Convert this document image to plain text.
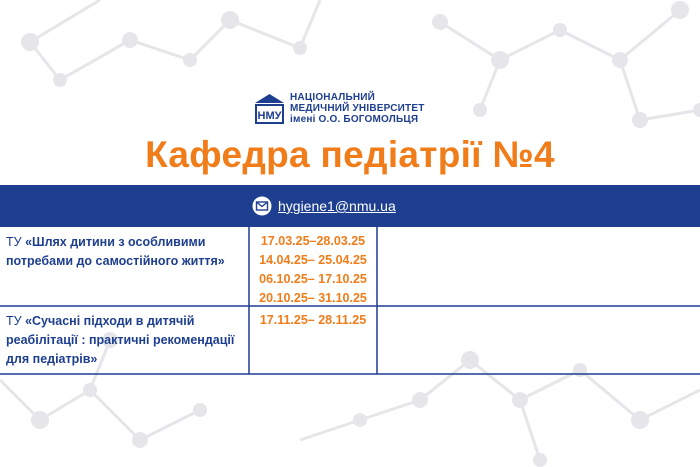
НМУ
НАЦІОНАЛЬНИЙ
МЕДИЧНИЙ УНІВЕРСИТЕТ
імені О.О. БОГОМОЛЬЦЯ
Кафедра педіатрії №4
hygiene1@nmu.ua
ТУ «Шлях дитини з особливими потребами до самостійного життя»
17.03.25–28.03.25
14.04.25– 25.04.25
06.10.25– 17.10.25
20.10.25– 31.10.25
ТУ «Сучасні підходи в дитячій реабілітації : практичні рекомендації для педіатрів»
17.11.25– 28.11.25
